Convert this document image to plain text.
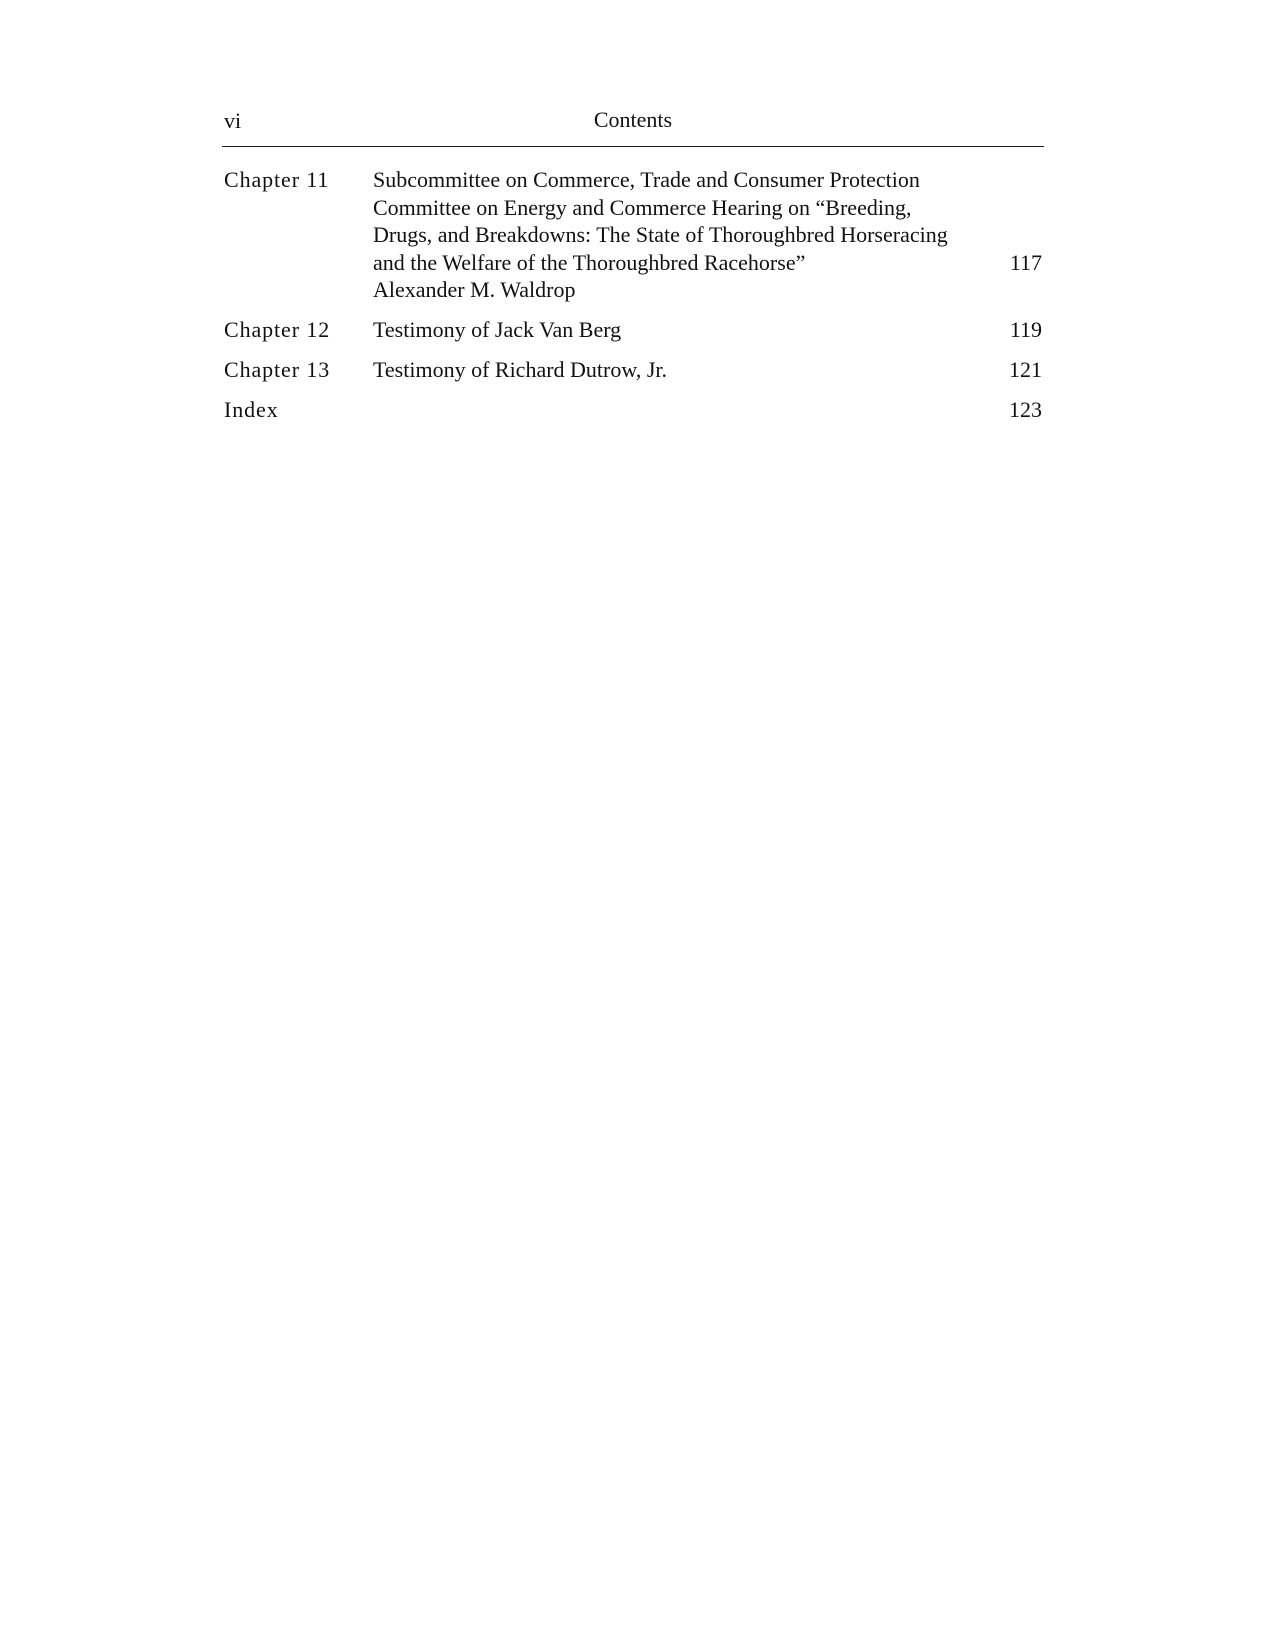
vi	Contents
Chapter 11 Subcommittee on Commerce, Trade and Consumer Protection
Committee on Energy and Commerce Hearing on “Breeding,
Drugs, and Breakdowns: The State of Thoroughbred Horseracing
and the Welfare of the Thoroughbred Racehorse”
Alexander M. Waldrop
117
Chapter 12 Testimony of Jack Van Berg	119
Chapter 13 Testimony of Richard Dutrow, Jr.	121
Index	123
